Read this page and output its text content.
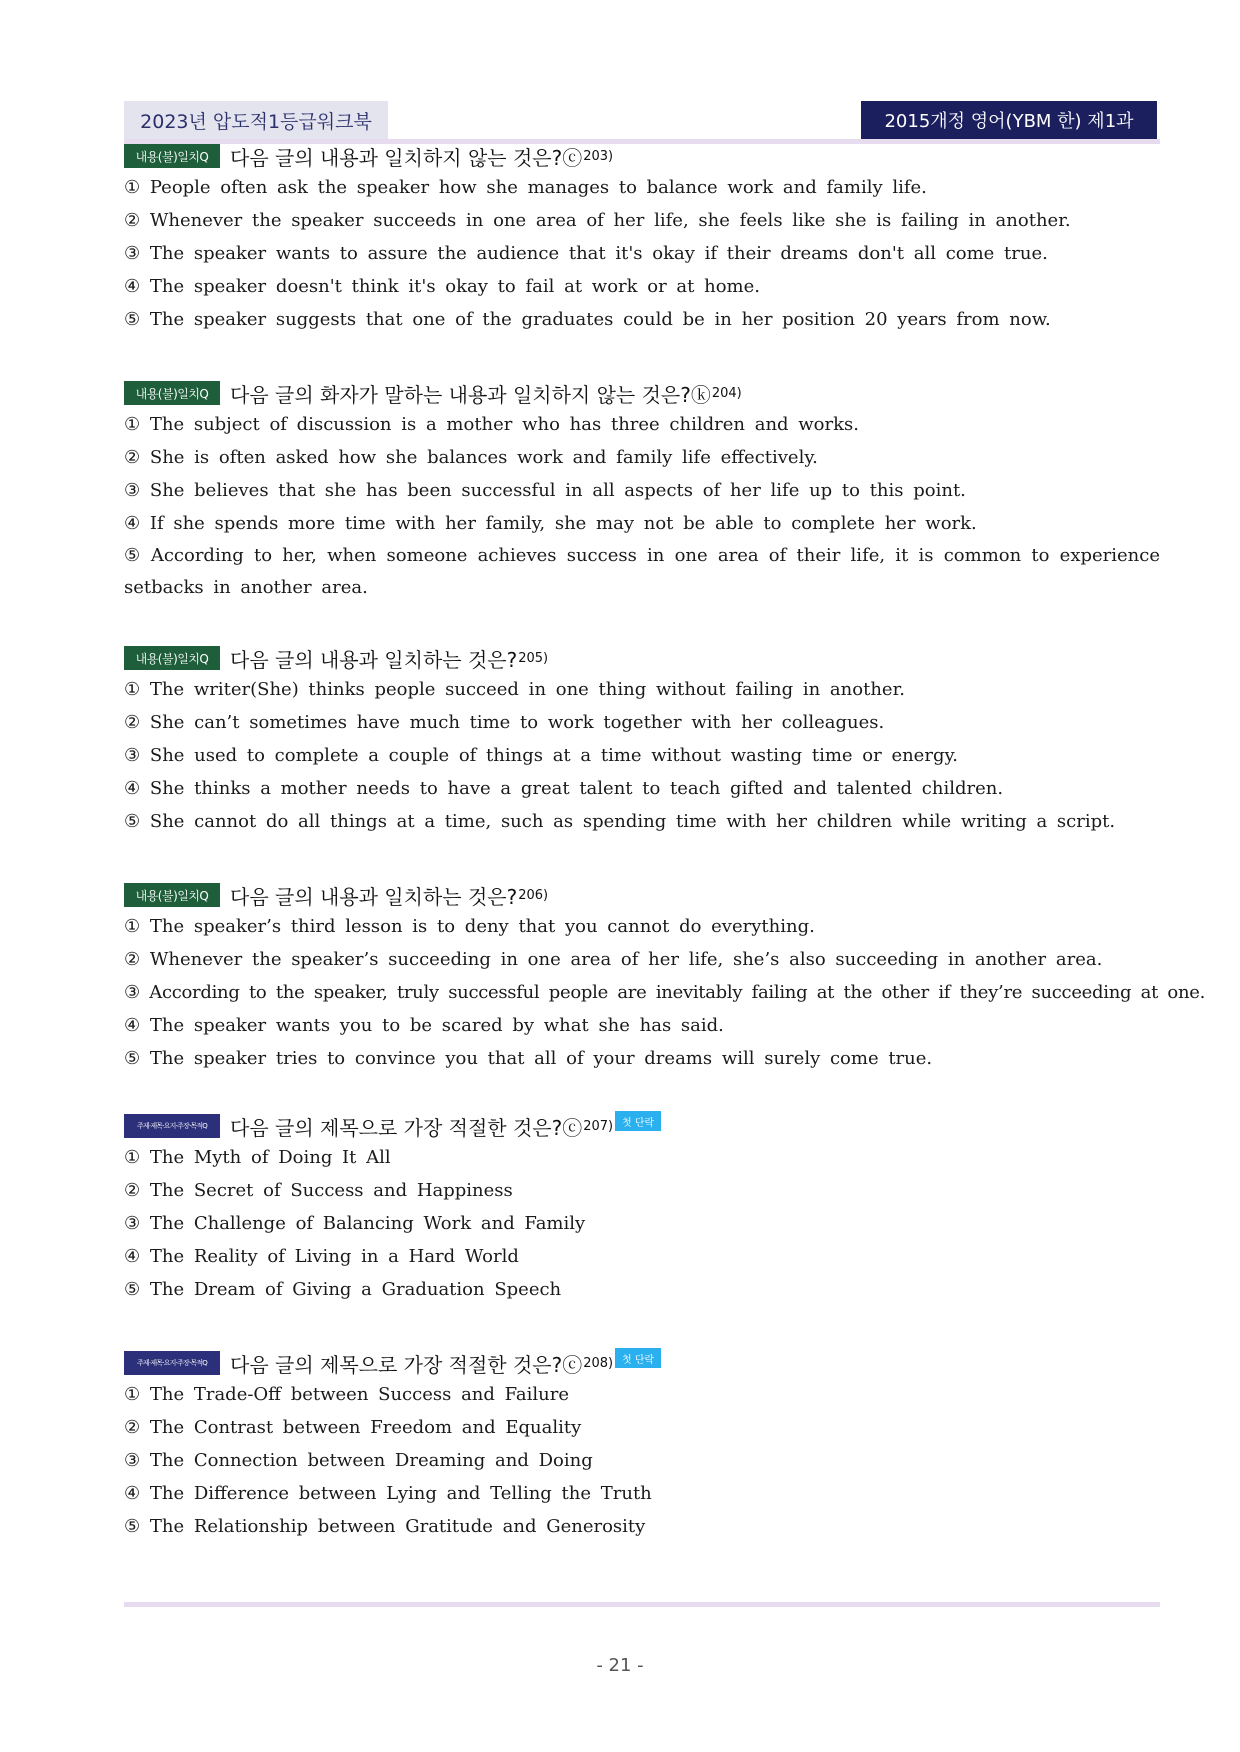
2023년 압도적1등급워크북	2015개정 영어(YBM 한) 제1과
내용(불)일치Q	다음 글의 내용과 일치하지 않는 것은?ⓒ 203)
① People often ask the speaker how she manages to balance work and family life.
② Whenever the speaker succeeds in one area of her life, she feels like she is failing in another.
③ The speaker wants to assure the audience that it's okay if their dreams don't all come true.
④ The speaker doesn't think it's okay to fail at work or at home.
⑤ The speaker suggests that one of the graduates could be in her position 20 years from now.
내용(불)일치Q	다음 글의 화자가 말하는 내용과 일치하지 않는 것은?ⓚ 204)
① The subject of discussion is a mother who has three children and works.
② She is often asked how she balances work and family life effectively.
③ She believes that she has been successful in all aspects of her life up to this point.
④ If she spends more time with her family, she may not be able to complete her work.
⑤ According to her, when someone achieves success in one area of their life, it is common to experience setbacks in another area.
내용(불)일치Q	다음 글의 내용과 일치하는 것은? 205)
① The writer(She) thinks people succeed in one thing without failing in another.
② She can’t sometimes have much time to work together with her colleagues.
③ She used to complete a couple of things at a time without wasting time or energy.
④ She thinks a mother needs to have a great talent to teach gifted and talented children.
⑤ She cannot do all things at a time, such as spending time with her children while writing a script.
내용(불)일치Q	다음 글의 내용과 일치하는 것은? 206)
① The speaker’s third lesson is to deny that you cannot do everything.
② Whenever the speaker’s succeeding in one area of her life, she’s also succeeding in another area.
③ According to the speaker, truly successful people are inevitably failing at the other if they’re succeeding at one.
④ The speaker wants you to be scared by what she has said.
⑤ The speaker tries to convince you that all of your dreams will surely come true.
주제·제목·요지·주장·목적Q	다음 글의 제목으로 가장 적절한 것은?ⓒ 207) 첫 단락
① The Myth of Doing It All
② The Secret of Success and Happiness
③ The Challenge of Balancing Work and Family
④ The Reality of Living in a Hard World
⑤ The Dream of Giving a Graduation Speech
주제·제목·요지·주장·목적Q	다음 글의 제목으로 가장 적절한 것은?ⓒ 208) 첫 단락
① The Trade-Off between Success and Failure
② The Contrast between Freedom and Equality
③ The Connection between Dreaming and Doing
④ The Difference between Lying and Telling the Truth
⑤ The Relationship between Gratitude and Generosity
- 21 -
